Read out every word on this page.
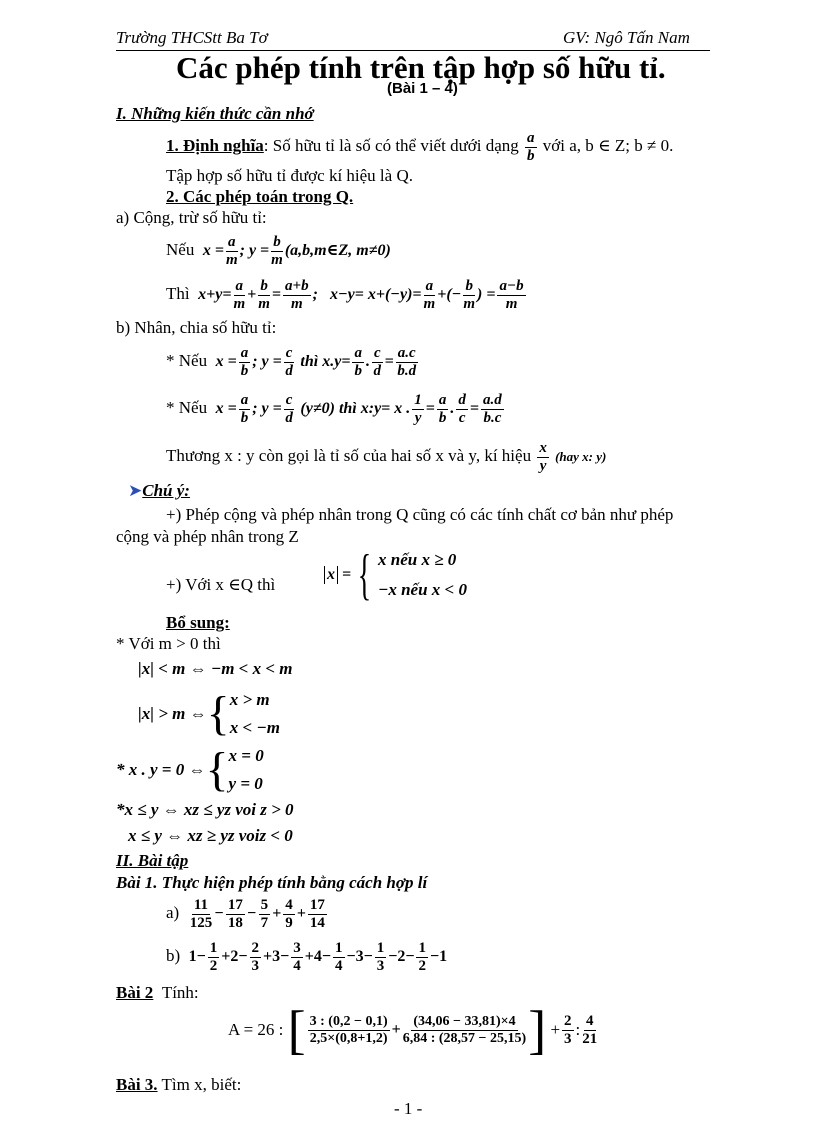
Trường THCStt Ba Tơ	GV: Ngô Tấn Nam
Các phép tính trên tập hợp số hữu tỉ.
(Bài 1 – 4)
I. Những kiến thức cần nhớ
1. Định nghĩa: Số hữu tỉ là số có thể viết dưới dạng $\frac{a}{b}$ với a, b ∈ Z; b ≠ 0.
Tập hợp số hữu tỉ được kí hiệu là Q.
2. Các phép toán trong Q.
a) Cộng, trừ số hữu tỉ:
Nếu $x = \frac{a}{m}$ ; $y = \frac{b}{m}$ (a,b,m∈Z, m≠0)
Thì $x+y= \frac{a}{m} + \frac{b}{m} = \frac{a+b}{m}$ ;   $x-y= x+(-y)= \frac{a}{m}$ +(− $\frac{b}{m}$ ) = $\frac{a-b}{m}$
b) Nhân, chia số hữu tỉ:
* Nếu $x = \frac{a}{b}$ ; $y = \frac{c}{d}$ thì $x.y= \frac{a}{b}$ . $\frac{c}{d} = \frac{a.c}{b.d}$
* Nếu $x = \frac{a}{b}$ ; $y = \frac{c}{d} (y\ne 0)$ thì x:y= x . $\frac{1}{y} = \frac{a}{b}$ . $\frac{d}{c} = \frac{a.d}{b.c}$
Thương x : y còn gọi là tỉ số của hai số x và y, kí hiệu $\frac{x}{y} (hay$ x: y)
➤Chú ý:
+) Phép cộng và phép nhân trong Q cũng có các tính chất cơ bản như phép
cộng và phép nhân trong Z
+) Với x ∈Q thì
x = { x nếu x ≥ 0
−x nếu x < 0
Bổ sung:
* Với m > 0 thì
|x| < m ⇔ −m < x < m
|x| > m ⇔{ x > m
x < −m
* x . y = 0 ⇔{ x = 0
y = 0
*x ≤ y ⇔ xz ≤ yz voi z > 0
x ≤ y ⇔ xz ≥ yz voiz < 0
II. Bài tập
Bài 1. Thực hiện phép tính bằng cách hợp lí
$a) \frac{11}{125} - \frac{17}{18} - \frac{5}{7} + \frac{4}{9} + \frac{17}{14}$
b) $1- \frac{1}{2} +2- \frac{2}{3} +3- \frac{3}{4} +4- \frac{1}{4} -3- \frac{1}{3} -2- \frac{1}{2} -1$
Bài 2 Tính:
A = 26 : [ $\frac{3 : (0,2 - 0,1)}{2,5\times(0,8+1,2)} + \frac{(34,06 - 33,81)\times 4}{6,84 : (28,57 - 25,15)}$ ] + $\frac{2}{3}$ : $\frac{4}{21}$
Bài 3. Tìm x, biết:
- 1 -
